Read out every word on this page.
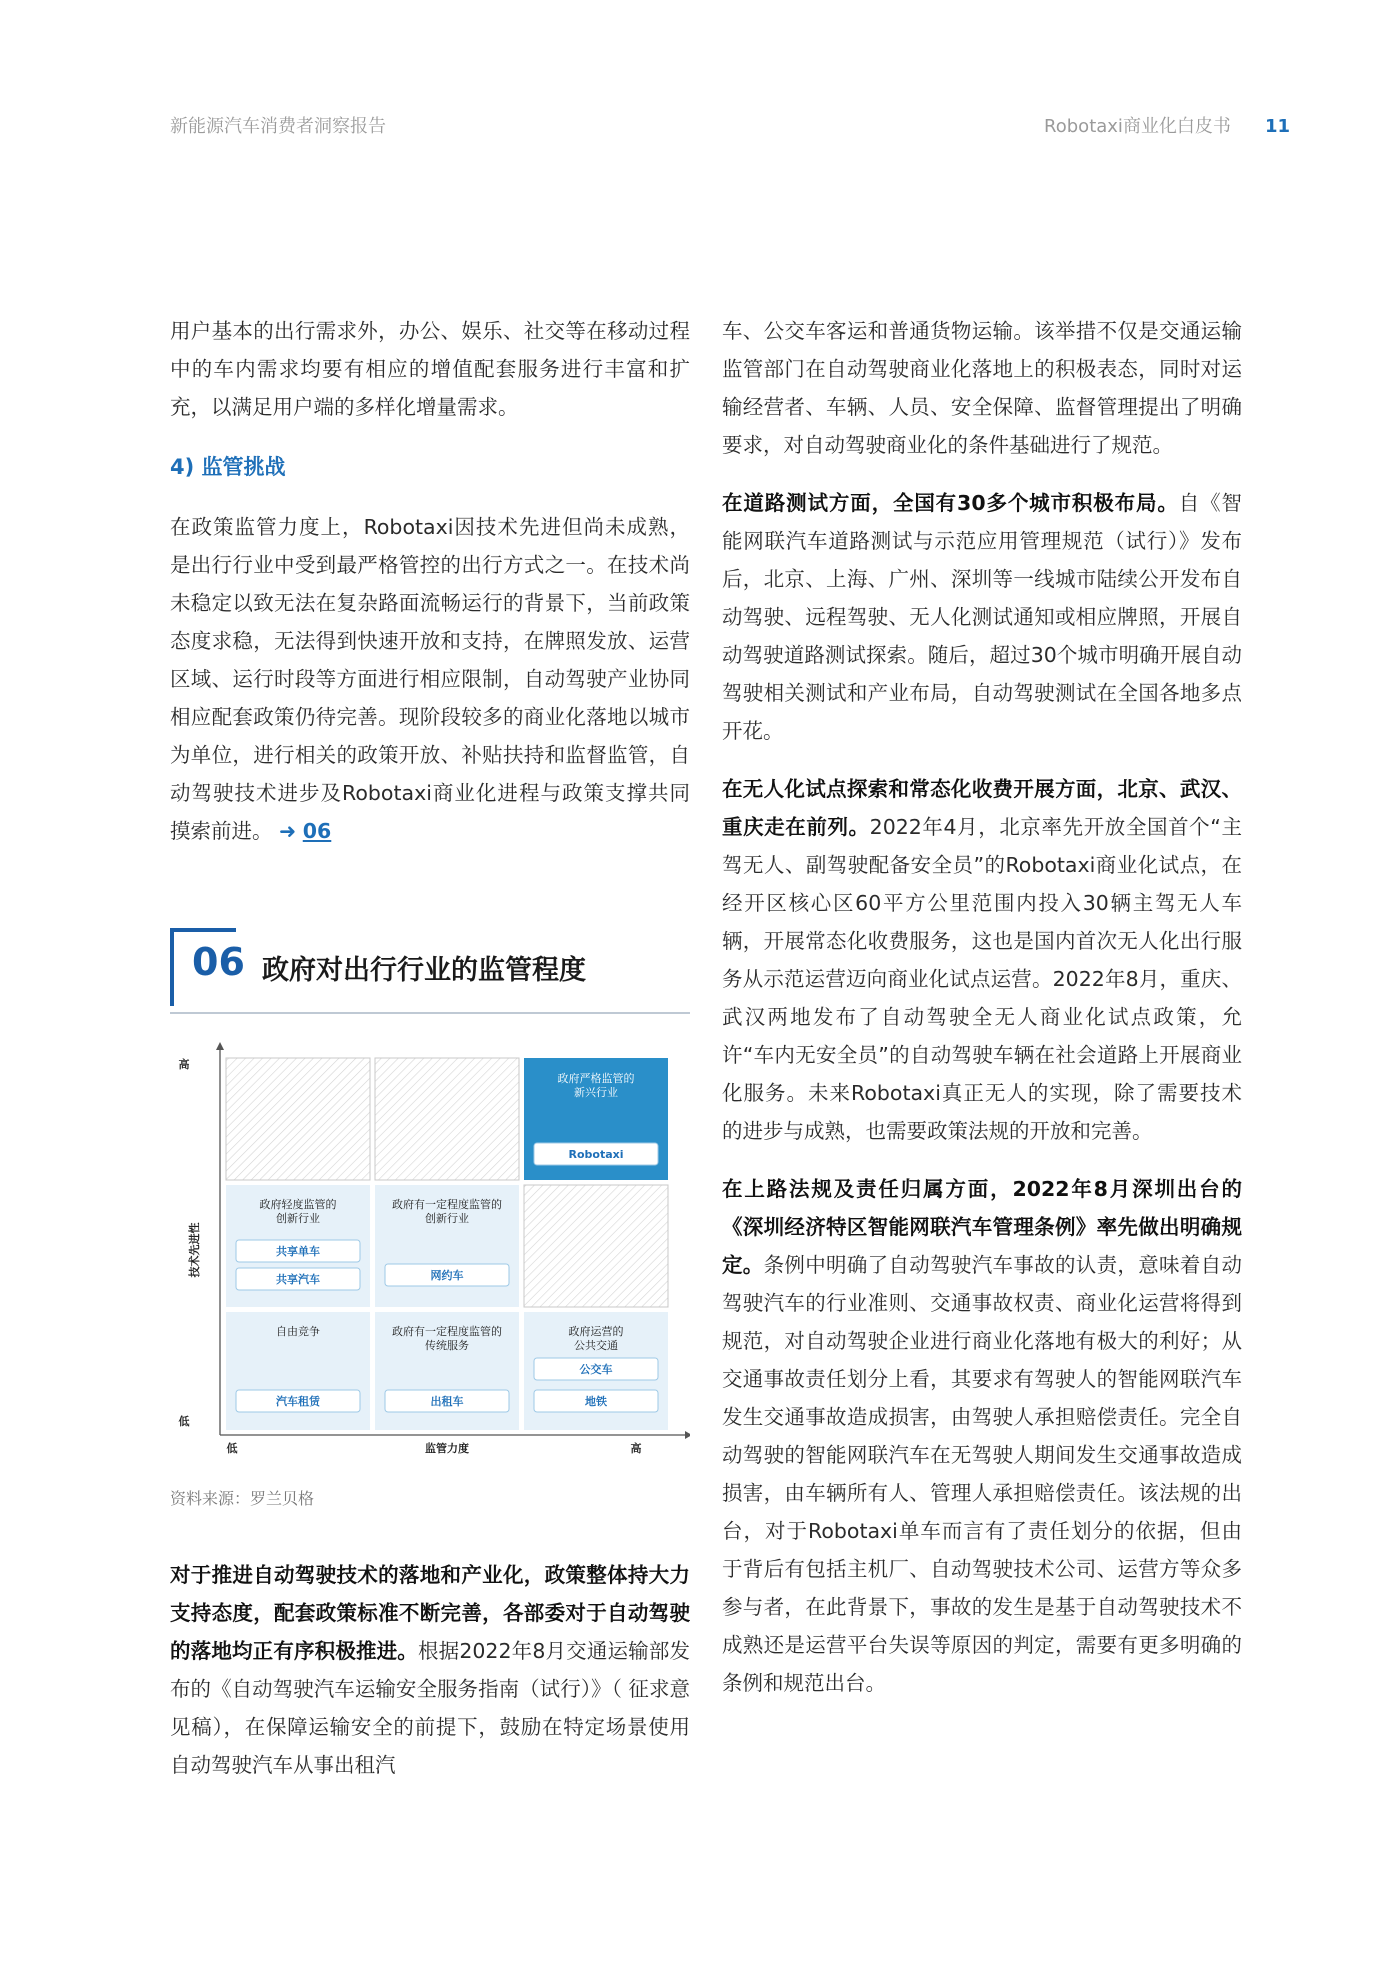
新能源汽车消费者洞察报告	Robotaxi商业化白皮书 11

用户基本的出行需求外，办公、娱乐、社交等在移动过程中的车内需求均要有相应的增值配套服务进行丰富和扩充，以满足用户端的多样化增量需求。

4) 监管挑战

在政策监管力度上，Robotaxi因技术先进但尚未成熟，是出行行业中受到最严格管控的出行方式之一。在技术尚未稳定以致无法在复杂路面流畅运行的背景下，当前政策态度求稳，无法得到快速开放和支持，在牌照发放、运营区域、运行时段等方面进行相应限制，自动驾驶产业协同相应配套政策仍待完善。现阶段较多的商业化落地以城市为单位，进行相关的政策开放、补贴扶持和监督监管，自动驾驶技术进步及Robotaxi商业化进程与政策支撑共同摸索前进。 ➜ 06

06 政府对出行行业的监管程度
政府严格监管的新兴行业
Robotaxi
政府轻度监管的创新行业
共享单车
共享汽车
政府有一定程度监管的创新行业
网约车
自由竞争
汽车租赁
政府有一定程度监管的传统服务
出租车
政府运营的公共交通
公交车
地铁
高
低
技术先进性
低	监管力度	高
资料来源：罗兰贝格

对于推进自动驾驶技术的落地和产业化，政策整体持大力支持态度，配套政策标准不断完善，各部委对于自动驾驶的落地均正有序积极推进。根据2022年8月交通运输部发布的《自动驾驶汽车运输安全服务指南（试行）》（ 征求意见稿），在保障运输安全的前提下，鼓励在特定场景使用自动驾驶汽车从事出租汽

车、公交车客运和普通货物运输。该举措不仅是交通运输监管部门在自动驾驶商业化落地上的积极表态，同时对运输经营者、车辆、人员、安全保障、监督管理提出了明确要求，对自动驾驶商业化的条件基础进行了规范。

在道路测试方面，全国有30多个城市积极布局。自《智能网联汽车道路测试与示范应用管理规范（试行）》发布后，北京、上海、广州、深圳等一线城市陆续公开发布自动驾驶、远程驾驶、无人化测试通知或相应牌照，开展自动驾驶道路测试探索。随后，超过30个城市明确开展自动驾驶相关测试和产业布局，自动驾驶测试在全国各地多点开花。

在无人化试点探索和常态化收费开展方面，北京、武汉、重庆走在前列。2022年4月，北京率先开放全国首个“主驾无人、副驾驶配备安全员”的Robotaxi商业化试点，在经开区核心区60平方公里范围内投入30辆主驾无人车辆，开展常态化收费服务，这也是国内首次无人化出行服务从示范运营迈向商业化试点运营。2022年8月，重庆、武汉两地发布了自动驾驶全无人商业化试点政策，允许“车内无安全员”的自动驾驶车辆在社会道路上开展商业化服务。未来Robotaxi真正无人的实现，除了需要技术的进步与成熟，也需要政策法规的开放和完善。

在上路法规及责任归属方面，2022年8月深圳出台的《深圳经济特区智能网联汽车管理条例》率先做出明确规定。条例中明确了自动驾驶汽车事故的认责，意味着自动驾驶汽车的行业准则、交通事故权责、商业化运营将得到规范，对自动驾驶企业进行商业化落地有极大的利好；从交通事故责任划分上看，其要求有驾驶人的智能网联汽车发生交通事故造成损害，由驾驶人承担赔偿责任。完全自动驾驶的智能网联汽车在无驾驶人期间发生交通事故造成损害，由车辆所有人、管理人承担赔偿责任。该法规的出台，对于Robotaxi单车而言有了责任划分的依据，但由于背后有包括主机厂、自动驾驶技术公司、运营方等众多参与者，在此背景下，事故的发生是基于自动驾驶技术不成熟还是运营平台失误等原因的判定，需要有更多明确的条例和规范出台。
